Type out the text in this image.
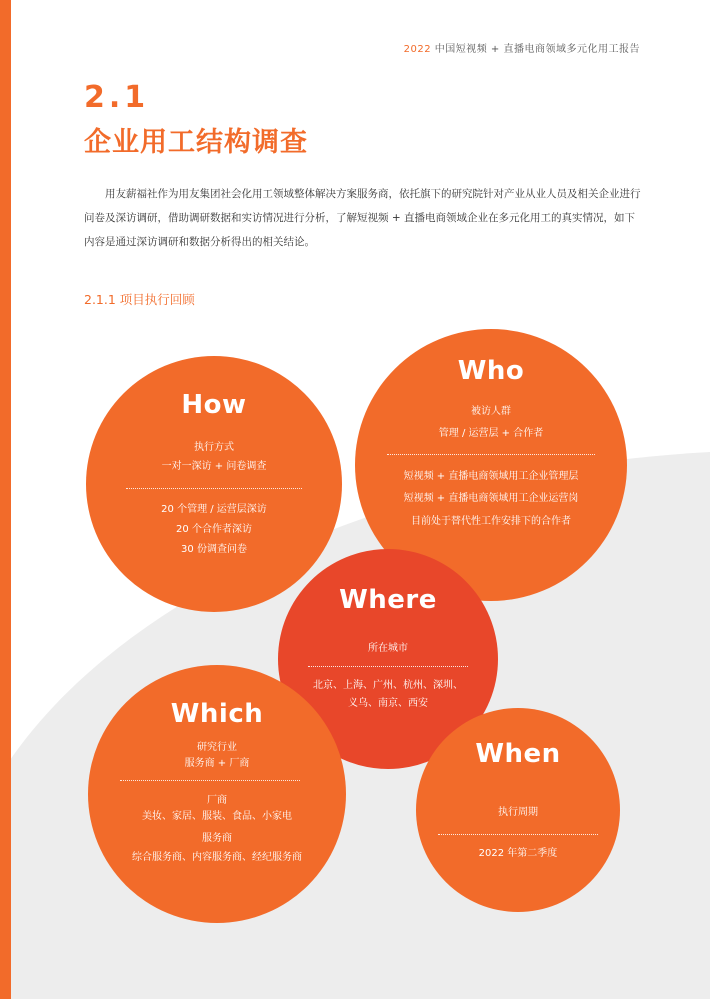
2022 中国短视频 + 直播电商领域多元化用工报告
2.1
企业用工结构调查
用友薪福社作为用友集团社会化用工领域整体解决方案服务商，依托旗下的研究院针对产业从业人员及相关企业进行问卷及深访调研，借助调研数据和实访情况进行分析，了解短视频 + 直播电商领域企业在多元化用工的真实情况，如下内容是通过深访调研和数据分析得出的相关结论。
2.1.1 项目执行回顾
How
执行方式
一对一深访 + 问卷调查
20 个管理 / 运营层深访
20 个合作者深访
30 份调查问卷
Who
被访人群
管理 / 运营层 + 合作者
短视频 + 直播电商领域用工企业管理层
短视频 + 直播电商领域用工企业运营岗
目前处于替代性工作安排下的合作者
Where
所在城市
北京、上海、广州、杭州、深圳、
义乌、南京、西安
Which
研究行业
服务商 + 厂商
厂商
美妆、家居、服装、食品、小家电
服务商
综合服务商、内容服务商、经纪服务商
When
执行周期
2022 年第二季度
